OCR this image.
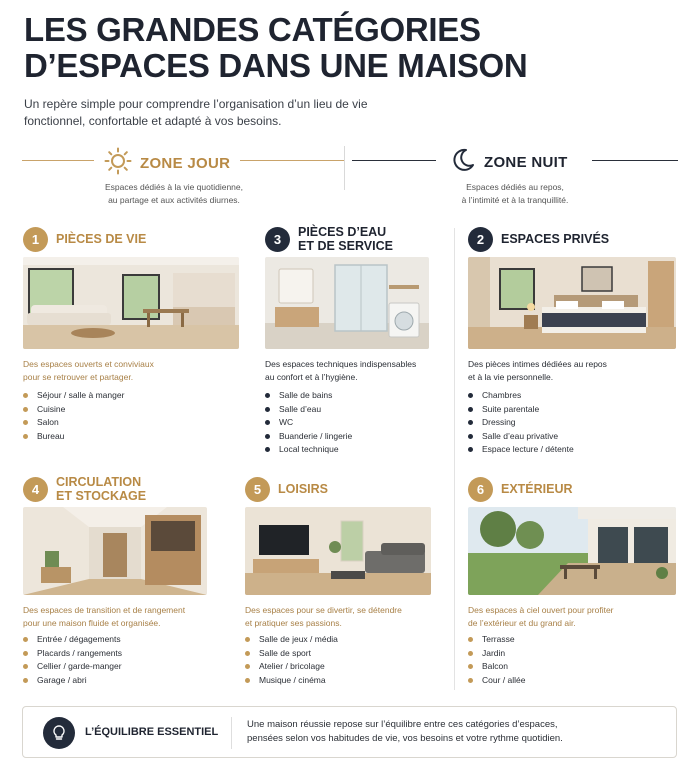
LES GRANDES CATÉGORIES
D’ESPACES DANS UNE MAISON
Un repère simple pour comprendre l’organisation d’un lieu de vie
fonctionnel, confortable et adapté à vos besoins.
ZONE JOUR
Espaces dédiés à la vie quotidienne,
au partage et aux activités diurnes.
ZONE NUIT
Espaces dédiés au repos,
à l’intimité et à la tranquillité.
1	PIÈCES DE VIE
Des espaces ouverts et conviviaux
pour se retrouver et partager.
Séjour / salle à manger
Cuisine
Salon
Bureau
3	PIÈCES D’EAU
ET DE SERVICE
Des espaces techniques indispensables
au confort et à l’hygiène.
Salle de bains
Salle d’eau
WC
Buanderie / lingerie
Local technique
2	ESPACES PRIVÉS
Des pièces intimes dédiées au repos
et à la vie personnelle.
Chambres
Suite parentale
Dressing
Salle d’eau privative
Espace lecture / détente
4	CIRCULATION
ET STOCKAGE
Des espaces de transition et de rangement
pour une maison fluide et organisée.
Entrée / dégagements
Placards / rangements
Cellier / garde-manger
Garage / abri
5	LOISIRS
Des espaces pour se divertir, se détendre
et pratiquer ses passions.
Salle de jeux / média
Salle de sport
Atelier / bricolage
Musique / cinéma
6	EXTÉRIEUR
Des espaces à ciel ouvert pour profiter
de l’extérieur et du grand air.
Terrasse
Jardin
Balcon
Cour / allée
L’ÉQUILIBRE ESSENTIEL
Une maison réussie repose sur l’équilibre entre ces catégories d’espaces,
pensées selon vos habitudes de vie, vos besoins et votre rythme quotidien.
